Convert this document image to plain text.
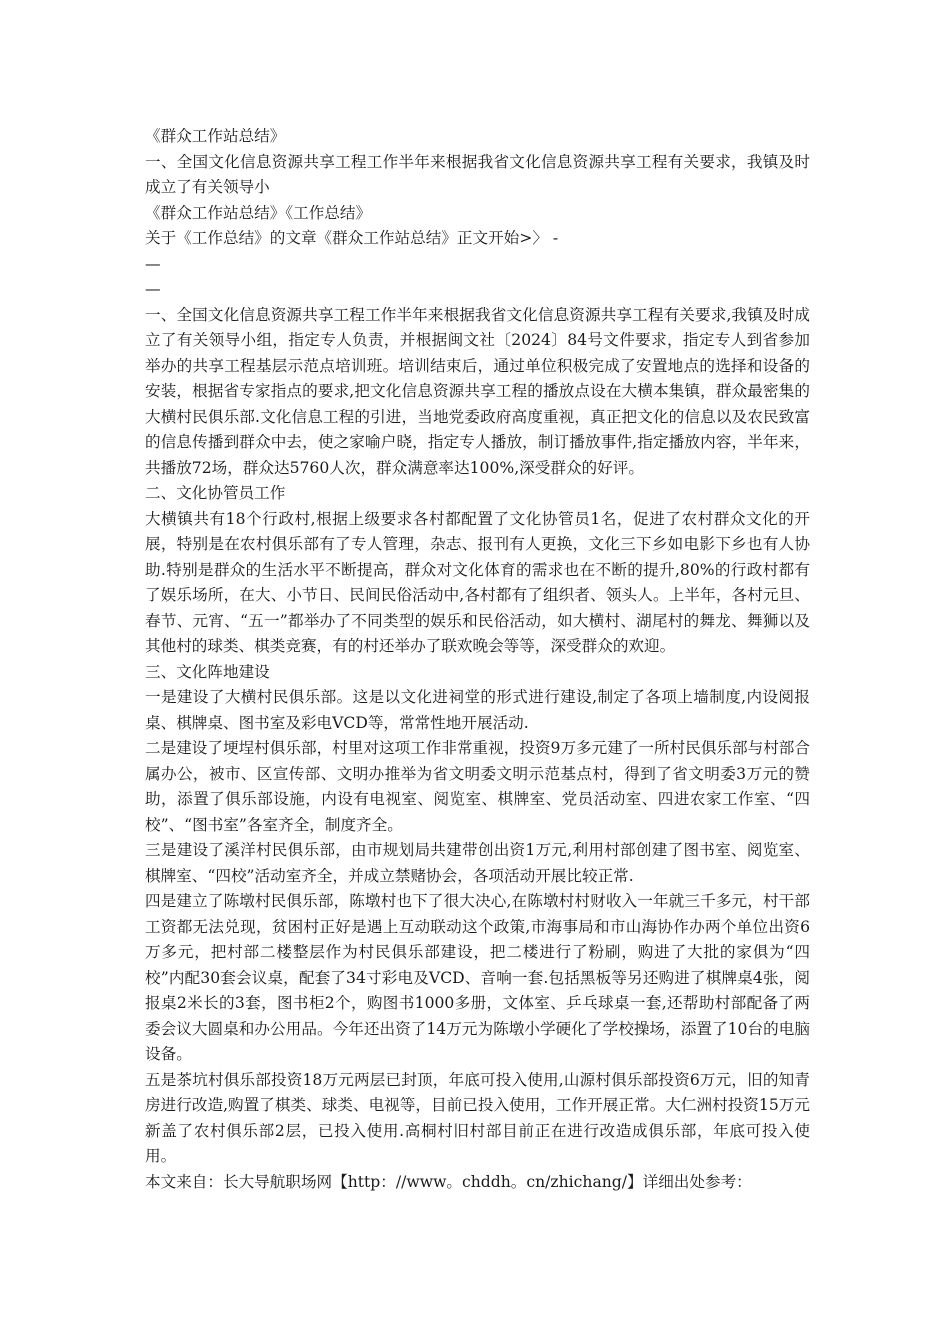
《群众工作站总结》

一、全国文化信息资源共享工程工作半年来根据我省文化信息资源共享工程有关要求，我镇及时成立了有关领导小

《群众工作站总结》《工作总结》

关于《工作总结》的文章《群众工作站总结》正文开始>〉 -

—

—

一、全国文化信息资源共享工程工作半年来根据我省文化信息资源共享工程有关要求,我镇及时成立了有关领导小组，指定专人负责，并根据闽文社〔2024〕84号文件要求，指定专人到省参加举办的共享工程基层示范点培训班。培训结束后，通过单位积极完成了安置地点的选择和设备的安装，根据省专家指点的要求,把文化信息资源共享工程的播放点设在大横本集镇，群众最密集的大横村民俱乐部.文化信息工程的引进，当地党委政府高度重视，真正把文化的信息以及农民致富的信息传播到群众中去，使之家喻户晓，指定专人播放，制订播放事件,指定播放内容，半年来，共播放72场，群众达5760人次，群众满意率达100%,深受群众的好评。

二、文化协管员工作

大横镇共有18个行政村,根据上级要求各村都配置了文化协管员1名，促进了农村群众文化的开展，特别是在农村俱乐部有了专人管理，杂志、报刊有人更换，文化三下乡如电影下乡也有人协助.特别是群众的生活水平不断提高，群众对文化体育的需求也在不断的提升,80%的行政村都有了娱乐场所，在大、小节日、民间民俗活动中,各村都有了组织者、领头人。上半年，各村元旦、春节、元宵、“五一”都举办了不同类型的娱乐和民俗活动，如大横村、湖尾村的舞龙、舞狮以及其他村的球类、棋类竞赛，有的村还举办了联欢晚会等等，深受群众的欢迎。

三、文化阵地建设

一是建设了大横村民俱乐部。这是以文化进祠堂的形式进行建设,制定了各项上墙制度,内设阅报桌、棋牌桌、图书室及彩电VCD等，常常性地开展活动.

二是建设了埂埕村俱乐部，村里对这项工作非常重视，投资9万多元建了一所村民俱乐部与村部合属办公，被市、区宣传部、文明办推举为省文明委文明示范基点村，得到了省文明委3万元的赞助，添置了俱乐部设施，内设有电视室、阅览室、棋牌室、党员活动室、四进农家工作室、“四校”、“图书室”各室齐全，制度齐全。

三是建设了溪洋村民俱乐部，由市规划局共建带创出资1万元,利用村部创建了图书室、阅览室、棋牌室、“四校”活动室齐全，并成立禁赌协会，各项活动开展比较正常.

四是建立了陈墩村民俱乐部，陈墩村也下了很大决心,在陈墩村村财收入一年就三千多元，村干部工资都无法兑现，贫困村正好是遇上互动联动这个政策,市海事局和市山海协作办两个单位出资6万多元，把村部二楼整层作为村民俱乐部建设，把二楼进行了粉刷，购进了大批的家俱为“四校”内配30套会议桌，配套了34寸彩电及VCD、音响一套.包括黑板等另还购进了棋牌桌4张，阅报桌2米长的3套，图书柜2个，购图书1000多册，文体室、乒乓球桌一套,还帮助村部配备了两委会议大圆桌和办公用品。今年还出资了14万元为陈墩小学硬化了学校操场，添置了10台的电脑设备。

五是茶坑村俱乐部投资18万元两层已封顶，年底可投入使用,山源村俱乐部投资6万元，旧的知青房进行改造,购置了棋类、球类、电视等，目前已投入使用，工作开展正常。大仁洲村投资15万元新盖了农村俱乐部2层，已投入使用.高桐村旧村部目前正在进行改造成俱乐部，年底可投入使用。

本文来自：长大导航职场网【http：//www。chddh。cn/zhichang/】详细出处参考：
